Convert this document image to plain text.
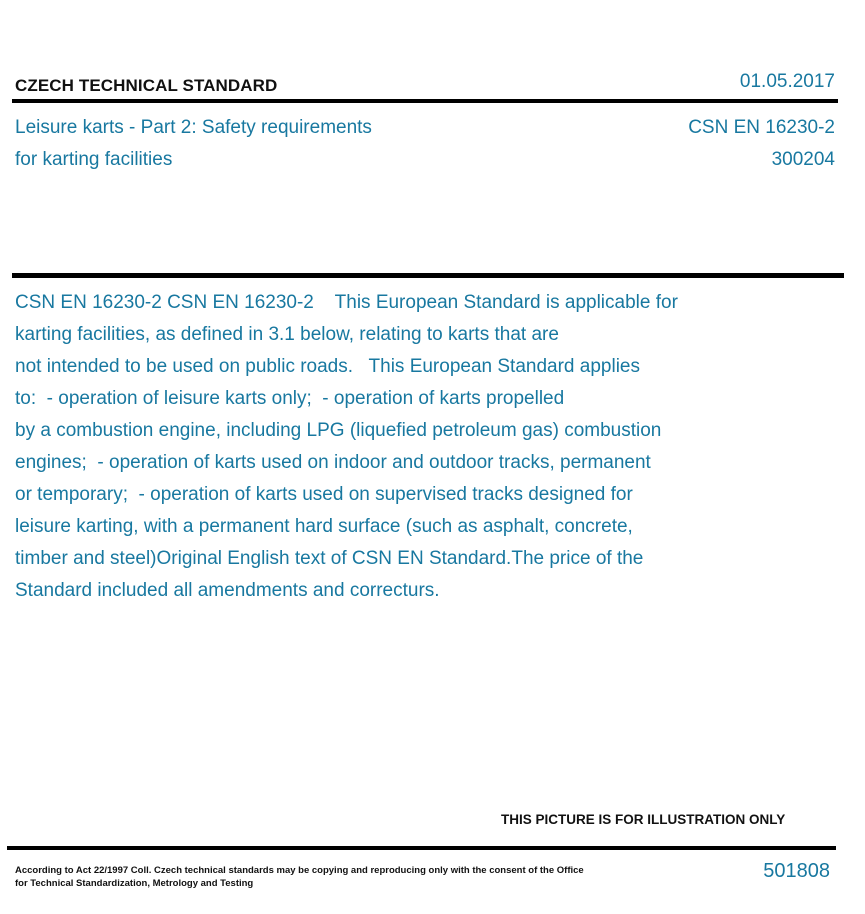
CZECH TECHNICAL STANDARD	01.05.2017
Leisure karts - Part 2: Safety requirements
for karting facilities
CSN EN 16230-2
300204
CSN EN 16230-2 CSN EN 16230-2    This European Standard is applicable for
karting facilities, as defined in 3.1 below, relating to karts that are
not intended to be used on public roads.   This European Standard applies
to:  - operation of leisure karts only;  - operation of karts propelled
by a combustion engine, including LPG (liquefied petroleum gas) combustion
engines;  - operation of karts used on indoor and outdoor tracks, permanent
or temporary;  - operation of karts used on supervised tracks designed for
leisure karting, with a permanent hard surface (such as asphalt, concrete,
timber and steel)Original English text of CSN EN Standard.The price of the
Standard included all amendments and correcturs.
THIS PICTURE IS FOR ILLUSTRATION ONLY
According to Act 22/1997 Coll. Czech technical standards may be copying and reproducing only with the consent of the Office
for Technical Standardization, Metrology and Testing
501808
